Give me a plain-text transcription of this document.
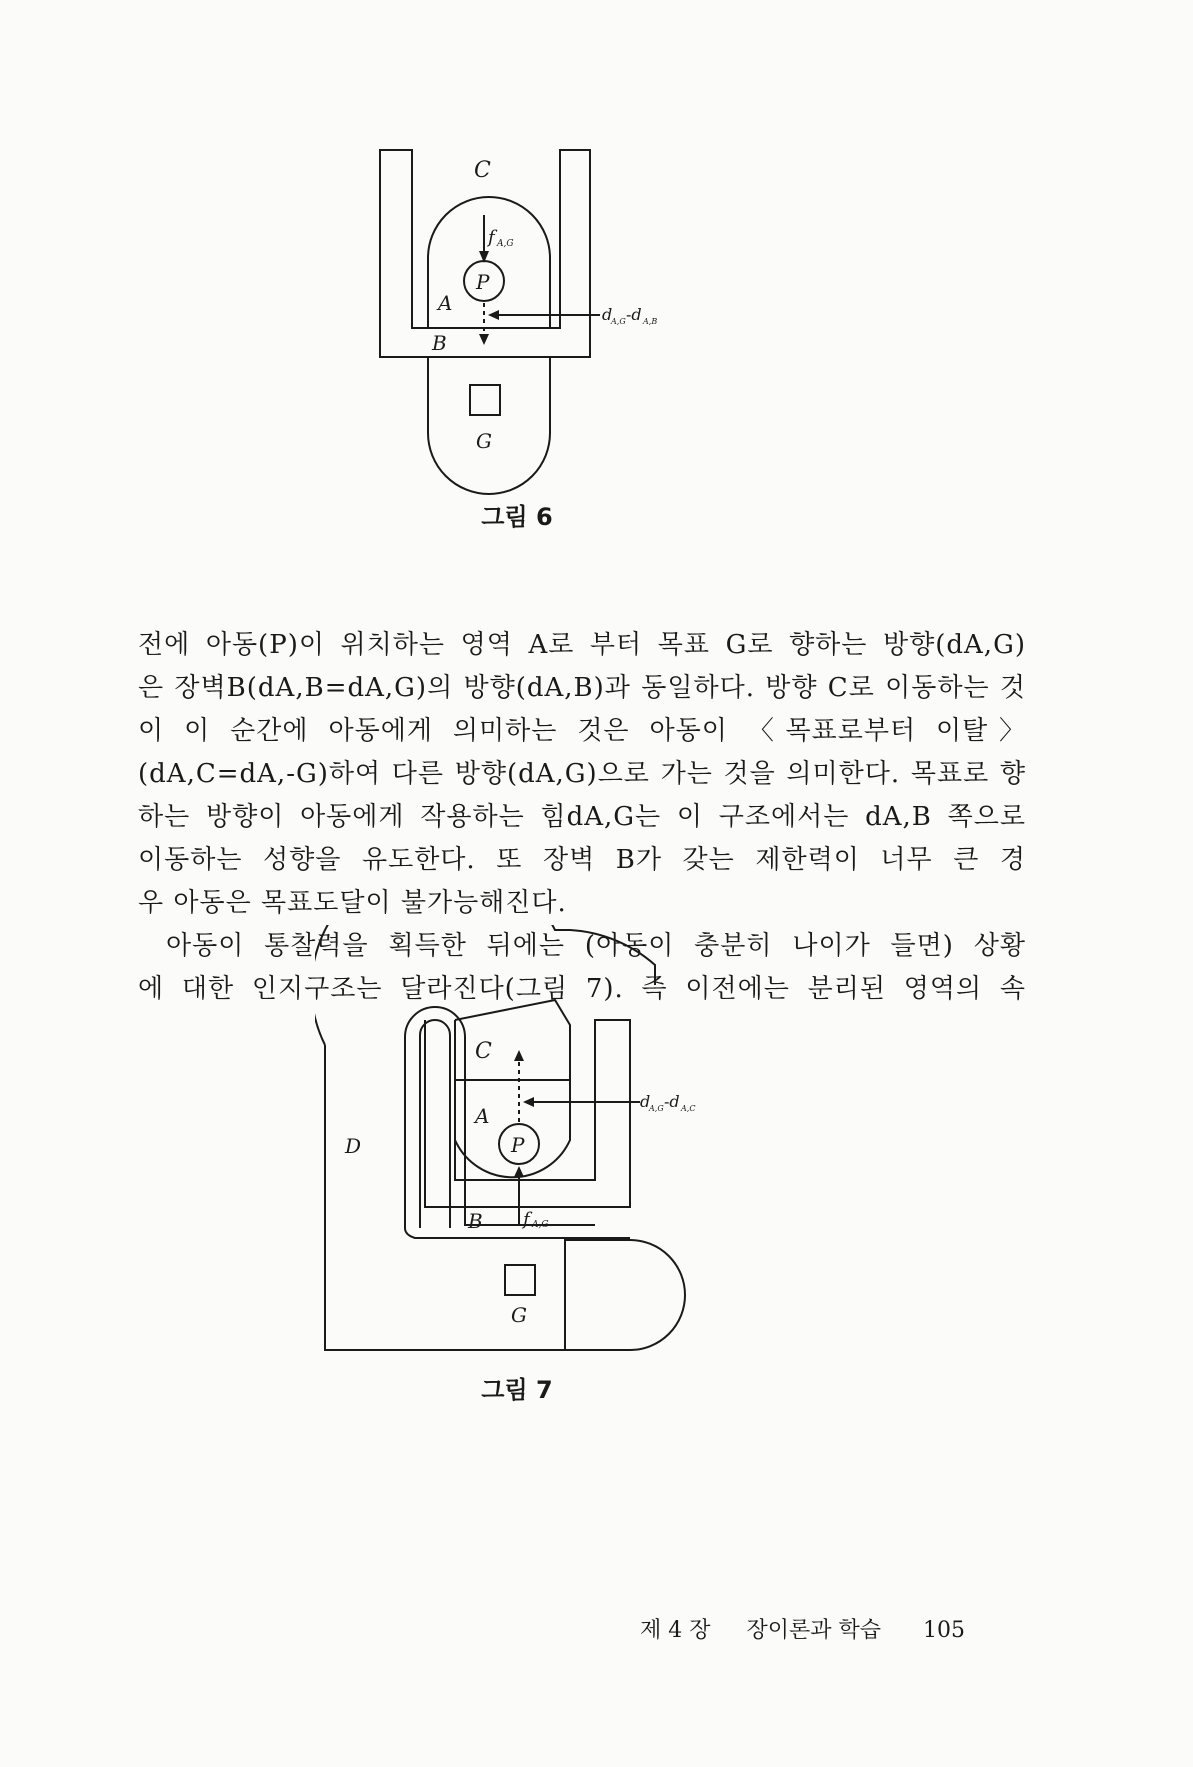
C
P
A
B
G
f A,G
d
A,G -d A,B
그림 6
전에 아동(P)이 위치하는 영역 A로 부터 목표 G로 향하는 방향(dA,G)
은 장벽B(dA,B=dA,G)의 방향(dA,B)과 동일하다. 방향 C로 이동하는 것
이 이 순간에 아동에게 의미하는 것은 아동이 〈목표로부터 이탈〉
(dA,C=dA,-G)하여 다른 방향(dA,G)으로 가는 것을 의미한다. 목표로 향
하는 방향이 아동에게 작용하는 힘dA,G는 이 구조에서는 dA,B 쪽으로
이동하는 성향을 유도한다. 또 장벽 B가 갖는 제한력이 너무 큰 경
우 아동은 목표도달이 불가능해진다.
아동이 통찰력을 획득한 뒤에는 (아동이 충분히 나이가 들면) 상황
에 대한 인지구조는 달라진다(그림 7). 즉 이전에는 분리된 영역의 속
C
A
P
D
B
G
f A,G
d
A,G -d A,C
그림 7
제 4 장 장이론과 학습 105
